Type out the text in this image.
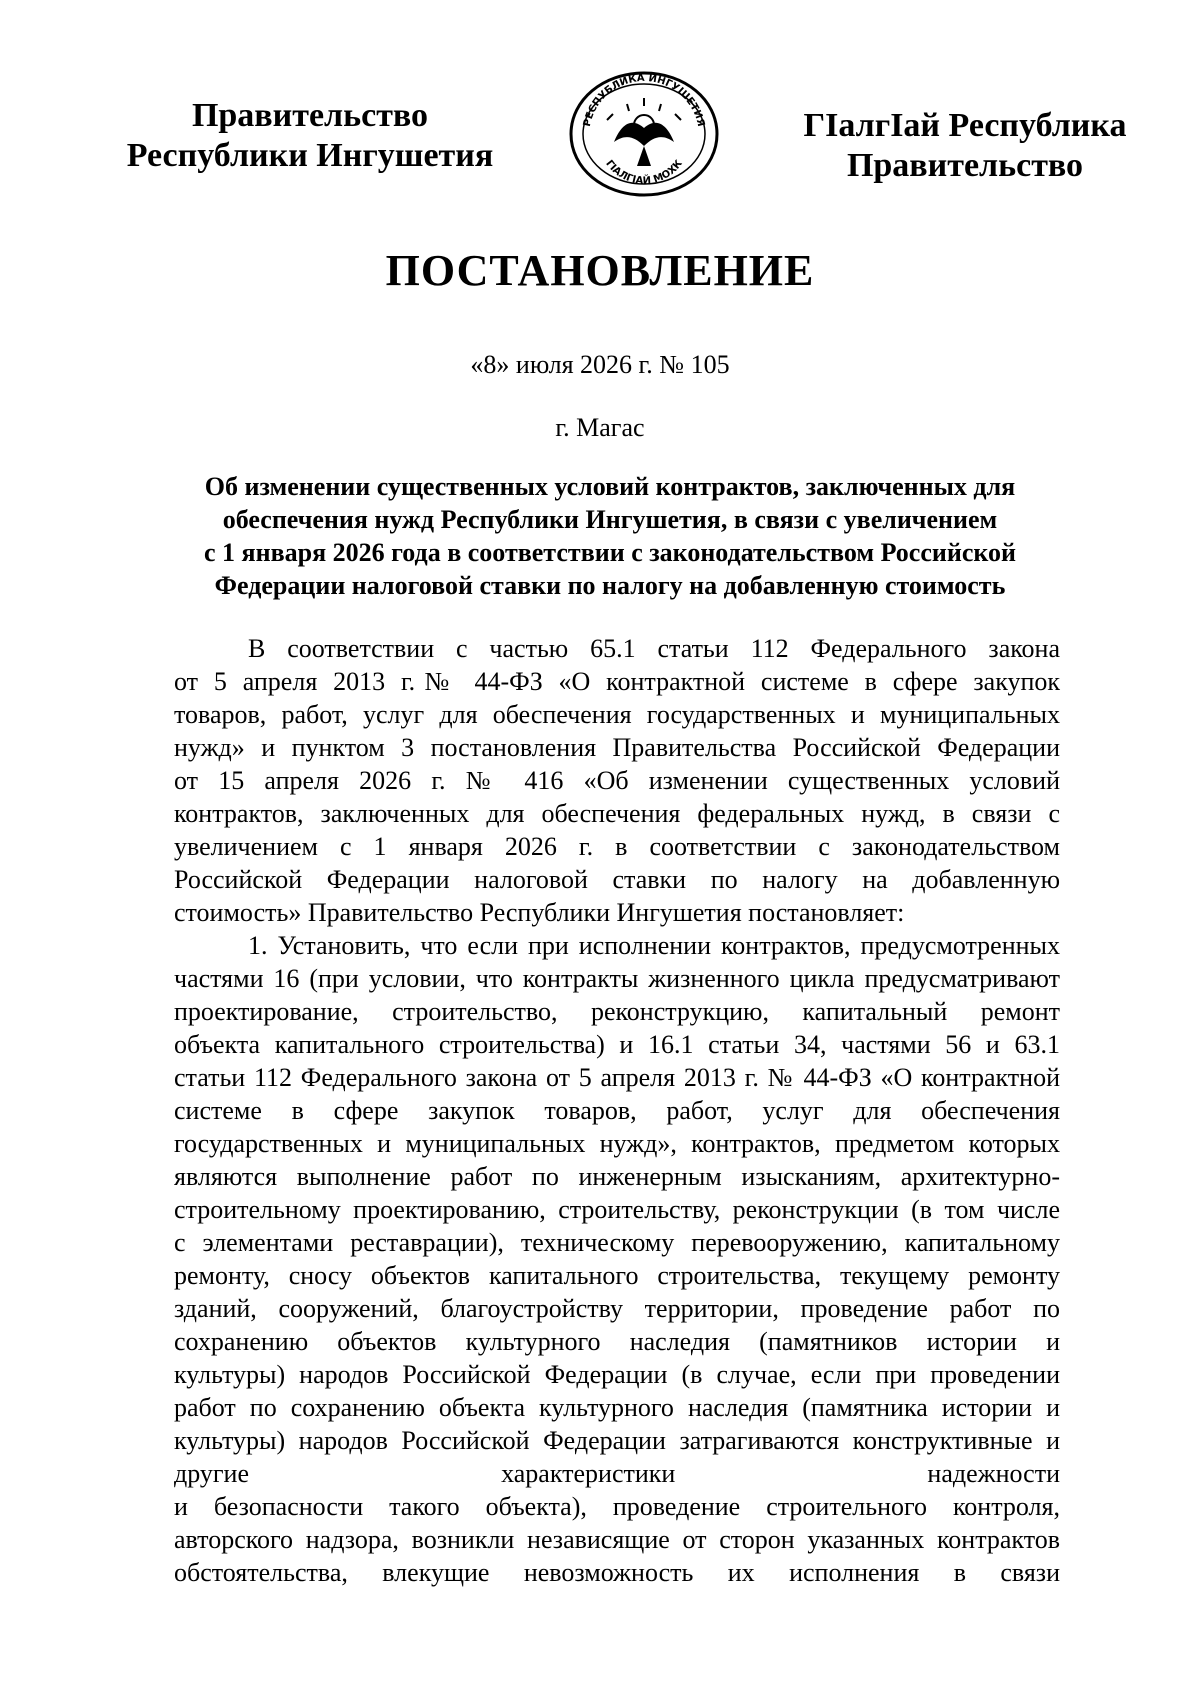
Правительство
Республики Ингушетия
РЕСПУБЛИКА ИНГУШЕТИЯ
ГIАЛГIАЙ МОХК
ГIалгIай Республика
Правительство
ПОСТАНОВЛЕНИЕ
«8» июля 2026 г. № 105
г. Магас
Об изменении существенных условий контрактов, заключенных для
обеспечения нужд Республики Ингушетия, в связи с увеличением
с 1 января 2026 года в соответствии с законодательством Российской
Федерации налоговой ставки по налогу на добавленную стоимость
В соответствии с частью 65.1 статьи 112 Федерального закона
от 5 апреля 2013 г.№ 44-ФЗ «О контрактной системе в сфере закупок
товаров, работ, услуг для обеспечения государственных и муниципальных
нужд» и пунктом 3 постановления Правительства Российской Федерации
от 15 апреля 2026 г. № 416 «Об изменении существенных условий
контрактов, заключенных для обеспечения федеральных нужд, в связи с
увеличением с 1 января 2026 г. в соответствии с законодательством
Российской Федерации налоговой ставки по налогу на добавленную
стоимость» Правительство Республики Ингушетия постановляет:
1. Установить, что если при исполнении контрактов, предусмотренных
частями 16 (при условии, что контракты жизненного цикла предусматривают
проектирование, строительство, реконструкцию, капитальный ремонт
объекта капитального строительства) и 16.1 статьи 34, частями 56 и 63.1
статьи 112 Федерального закона от 5 апреля 2013 г. № 44-ФЗ «О контрактной
системе в сфере закупок товаров, работ, услуг для обеспечения
государственных и муниципальных нужд», контрактов, предметом которых
являются выполнение работ по инженерным изысканиям, архитектурно-
строительному проектированию, строительству, реконструкции (в том числе
с элементами реставрации), техническому перевооружению, капитальному
ремонту, сносу объектов капитального строительства, текущему ремонту
зданий, сооружений, благоустройству территории, проведение работ по
сохранению объектов культурного наследия (памятников истории и
культуры) народов Российской Федерации (в случае, если при проведении
работ по сохранению объекта культурного наследия (памятника истории и
культуры) народов Российской Федерации затрагиваются конструктивные и
другие характеристики надежности
и безопасности такого объекта), проведение строительного контроля,
авторского надзора, возникли независящие от сторон указанных контрактов
обстоятельства, влекущие невозможность их исполнения в связи
